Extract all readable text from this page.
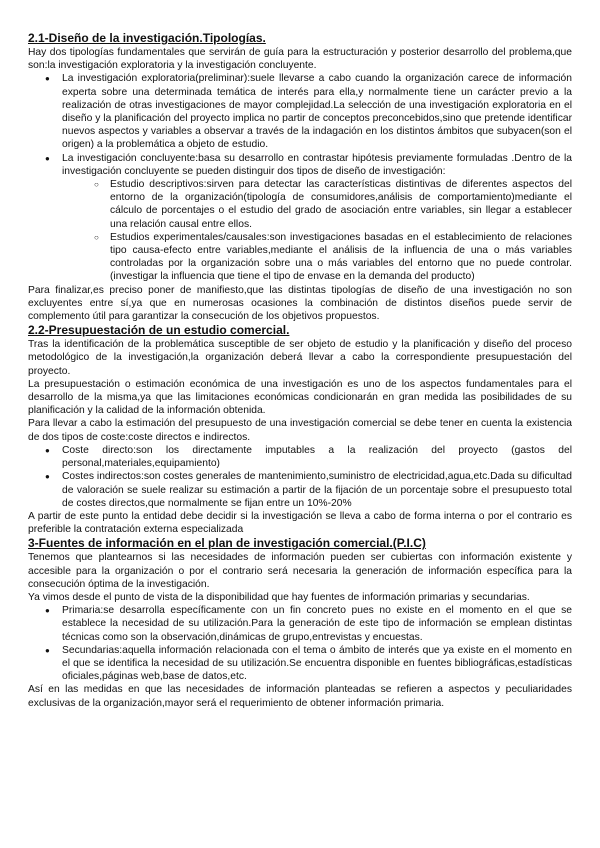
2.1-Diseño de la investigación.Tipologías.

Hay dos tipologías fundamentales que servirán de guía para la estructuración y posterior desarrollo del problema,que son:la investigación exploratoria y la investigación concluyente.

● La investigación exploratoria(preliminar):suele llevarse a cabo cuando la organización carece de información experta sobre una determinada temática de interés para ella,y normalmente tiene un carácter previo a la realización de otras investigaciones de mayor complejidad.La selección de una investigación exploratoria en el diseño y la planificación del proyecto implica no partir de conceptos preconcebidos,sino que pretende identificar nuevos aspectos y variables a observar a través de la indagación en los distintos ámbitos que subyacen(son el origen) a la problemática a objeto de estudio.
● La investigación concluyente:basa su desarrollo en contrastar hipótesis previamente formuladas .Dentro de la investigación concluyente se pueden distinguir dos tipos de diseño de investigación:
○ Estudio descriptivos:sirven para detectar las características distintivas de diferentes aspectos del entorno de la organización(tipología de consumidores,análisis de comportamiento)mediante el cálculo de porcentajes o el estudio del grado de asociación entre variables, sin llegar a establecer una relación causal entre ellos.
○ Estudios experimentales/causales:son investigaciones basadas en el establecimiento de relaciones tipo causa-efecto entre variables,mediante el análisis de la influencia de una o más variables controladas por la organización sobre una o más variables del entorno que no puede controlar.(investigar la influencia que tiene el tipo de envase en la demanda del producto)

Para finalizar,es preciso poner de manifiesto,que las distintas tipologías de diseño de una investigación no son excluyentes entre sí,ya que en numerosas ocasiones la combinación de distintos diseños puede servir de complemento útil para garantizar la consecución de los objetivos propuestos.

2.2-Presupuestación de un estudio comercial.

Tras la identificación de la problemática susceptible de ser objeto de estudio y la planificación y diseño del proceso metodológico de la investigación,la organización deberá llevar a cabo la correspondiente presupuestación del proyecto.

La presupuestación o estimación económica de una investigación es uno de los aspectos fundamentales para el desarrollo de la misma,ya que las limitaciones económicas condicionarán en gran medida las posibilidades de su planificación y la calidad de la información obtenida.

Para llevar a cabo la estimación del presupuesto de una investigación comercial se debe tener en cuenta la existencia de dos tipos de coste:coste directos e indirectos.

● Coste directo:son los directamente imputables a la realización del proyecto (gastos del personal,materiales,equipamiento)
● Costes indirectos:son costes generales de mantenimiento,suministro de electricidad,agua,etc.Dada su dificultad de valoración se suele realizar su estimación a partir de la fijación de un porcentaje sobre el presupuesto total de costes directos,que normalmente se fijan entre un 10%-20%

A partir de este punto la entidad debe decidir si la investigación se lleva a cabo de forma interna o por el contrario es preferible la contratación externa especializada

3-Fuentes de información en el plan de investigación comercial.(P.I.C)

Tenemos que plantearnos si las necesidades de información pueden ser cubiertas con información existente y accesible para la organización o por el contrario será necesaria la generación de información específica para la consecución óptima de la investigación.

Ya vimos desde el punto de vista de la disponibilidad que hay fuentes de información primarias y secundarias.

● Primaria:se desarrolla específicamente con un fin concreto pues no existe en el momento en el que se establece la necesidad de su utilización.Para la generación de este tipo de información se emplean distintas técnicas como son la observación,dinámicas de grupo,entrevistas y encuestas.
● Secundarias:aquella información relacionada con el tema o ámbito de interés que ya existe en el momento en el que se identifica la necesidad de su utilización.Se encuentra disponible en fuentes bibliográficas,estadísticas oficiales,páginas web,base de datos,etc.

Así en las medidas en que las necesidades de información planteadas se refieren a aspectos y peculiaridades exclusivas de la organización,mayor será el requerimiento de obtener información primaria.
